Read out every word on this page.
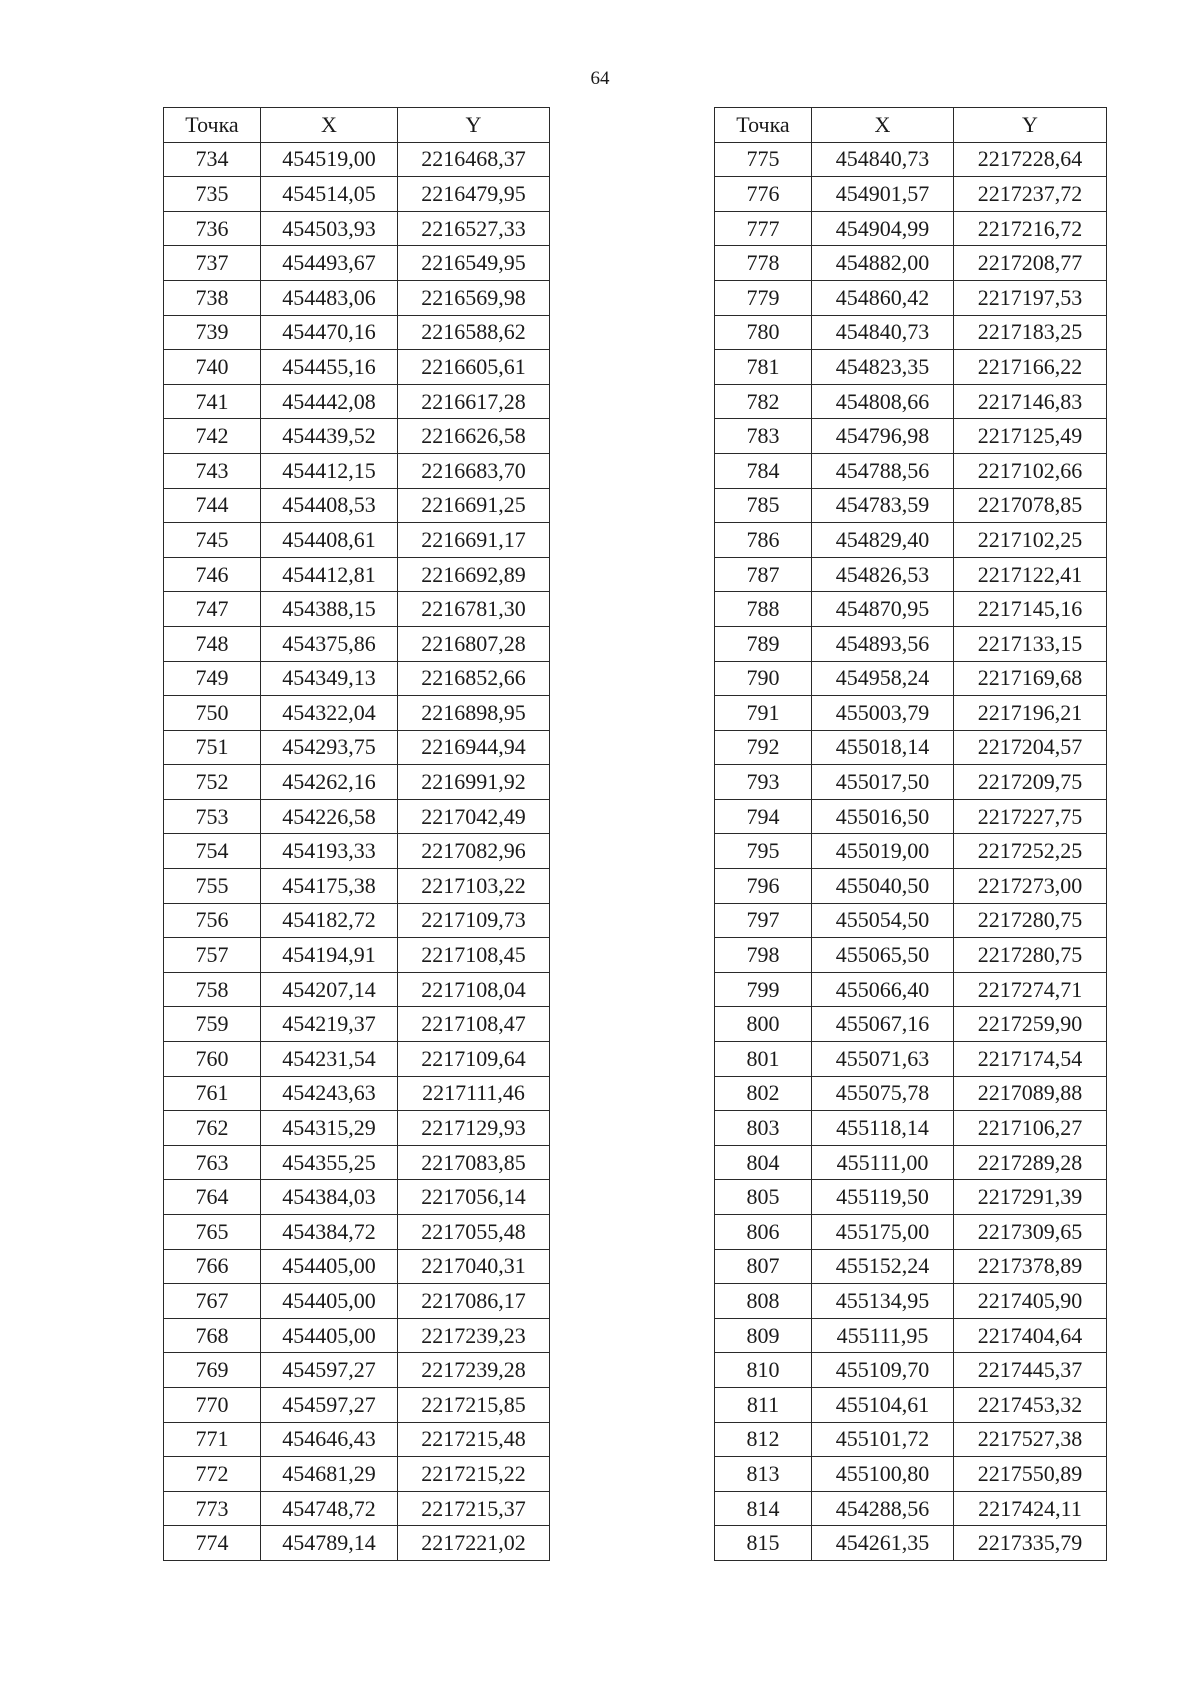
64
Точка	X	Y
734	454519,00	2216468,37
735	454514,05	2216479,95
736	454503,93	2216527,33
737	454493,67	2216549,95
738	454483,06	2216569,98
739	454470,16	2216588,62
740	454455,16	2216605,61
741	454442,08	2216617,28
742	454439,52	2216626,58
743	454412,15	2216683,70
744	454408,53	2216691,25
745	454408,61	2216691,17
746	454412,81	2216692,89
747	454388,15	2216781,30
748	454375,86	2216807,28
749	454349,13	2216852,66
750	454322,04	2216898,95
751	454293,75	2216944,94
752	454262,16	2216991,92
753	454226,58	2217042,49
754	454193,33	2217082,96
755	454175,38	2217103,22
756	454182,72	2217109,73
757	454194,91	2217108,45
758	454207,14	2217108,04
759	454219,37	2217108,47
760	454231,54	2217109,64
761	454243,63	2217111,46
762	454315,29	2217129,93
763	454355,25	2217083,85
764	454384,03	2217056,14
765	454384,72	2217055,48
766	454405,00	2217040,31
767	454405,00	2217086,17
768	454405,00	2217239,23
769	454597,27	2217239,28
770	454597,27	2217215,85
771	454646,43	2217215,48
772	454681,29	2217215,22
773	454748,72	2217215,37
774	454789,14	2217221,02
Точка	X	Y
775	454840,73	2217228,64
776	454901,57	2217237,72
777	454904,99	2217216,72
778	454882,00	2217208,77
779	454860,42	2217197,53
780	454840,73	2217183,25
781	454823,35	2217166,22
782	454808,66	2217146,83
783	454796,98	2217125,49
784	454788,56	2217102,66
785	454783,59	2217078,85
786	454829,40	2217102,25
787	454826,53	2217122,41
788	454870,95	2217145,16
789	454893,56	2217133,15
790	454958,24	2217169,68
791	455003,79	2217196,21
792	455018,14	2217204,57
793	455017,50	2217209,75
794	455016,50	2217227,75
795	455019,00	2217252,25
796	455040,50	2217273,00
797	455054,50	2217280,75
798	455065,50	2217280,75
799	455066,40	2217274,71
800	455067,16	2217259,90
801	455071,63	2217174,54
802	455075,78	2217089,88
803	455118,14	2217106,27
804	455111,00	2217289,28
805	455119,50	2217291,39
806	455175,00	2217309,65
807	455152,24	2217378,89
808	455134,95	2217405,90
809	455111,95	2217404,64
810	455109,70	2217445,37
811	455104,61	2217453,32
812	455101,72	2217527,38
813	455100,80	2217550,89
814	454288,56	2217424,11
815	454261,35	2217335,79
